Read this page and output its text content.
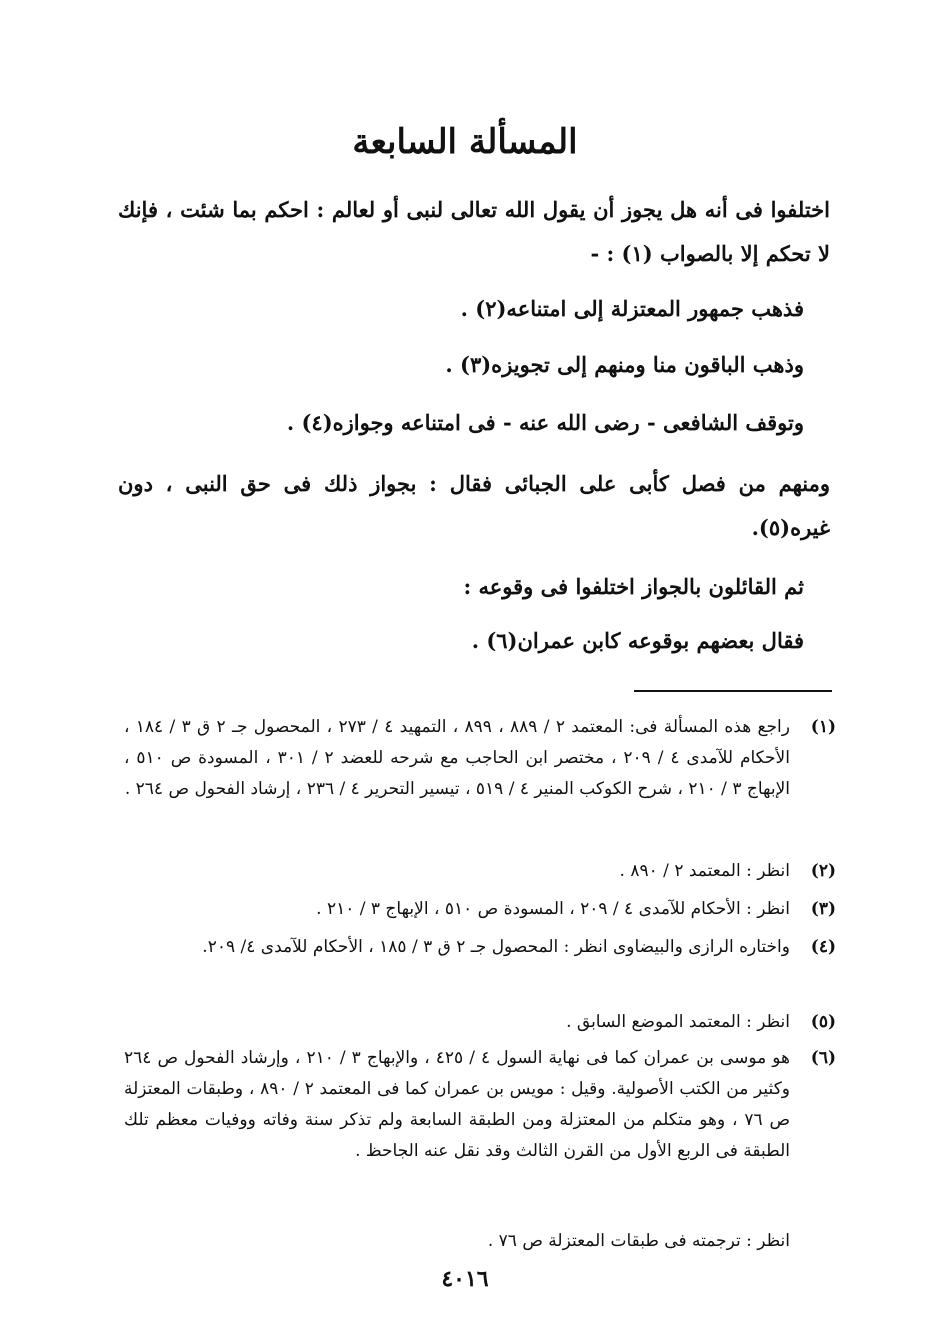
المسألة السابعة
اختلفوا فى أنه هل يجوز أن يقول الله تعالى لنبى أو لعالم : احكم بما شئت ، فإنك لا تحكم إلا بالصواب (١) : -
فذهب جمهور المعتزلة إلى امتناعه(٢) .
وذهب الباقون منا ومنهم إلى تجويزه(٣) .
وتوقف الشافعى - رضى الله عنه - فى امتناعه وجوازه(٤) .
ومنهم من فصل كأبى على الجبائى فقال : بجواز ذلك فى حق النبى ، دون غيره(٥).
ثم القائلون بالجواز اختلفوا فى وقوعه :
فقال بعضهم بوقوعه كابن عمران(٦) .
(١)
راجع هذه المسألة فى: المعتمد ٢ / ٨٨٩ ، ٨٩٩ ، التمهيد ٤ / ٢٧٣ ، المحصول جـ ٢ ق ٣ / ١٨٤ ، الأحكام للآمدى ٤ / ٢٠٩ ، مختصر ابن الحاجب مع شرحه للعضد ٢ / ٣٠١ ، المسودة ص ٥١٠ ، الإبهاج ٣ / ٢١٠ ، شرح الكوكب المنير ٤ / ٥١٩ ، تيسير التحرير ٤ / ٢٣٦ ، إرشاد الفحول ص ٢٦٤ .
(٢)
انظر : المعتمد ٢ / ٨٩٠ .
(٣)
انظر : الأحكام للآمدى ٤ / ٢٠٩ ، المسودة ص ٥١٠ ، الإبهاج ٣ / ٢١٠ .
(٤)
واختاره الرازى والبيضاوى انظر : المحصول جـ ٢ ق ٣ / ١٨٥ ، الأحكام للآمدى ٤/ ٢٠٩.
(٥)
انظر : المعتمد الموضع السابق .
(٦)
هو موسى بن عمران كما فى نهاية السول ٤ / ٤٢٥ ، والإبهاج ٣ / ٢١٠ ، وإرشاد الفحول ص ٢٦٤ وكثير من الكتب الأصولية. وقيل : مويس بن عمران كما فى المعتمد ٢ / ٨٩٠ ، وطبقات المعتزلة ص ٧٦ ، وهو متكلم من المعتزلة ومن الطبقة السابعة ولم تذكر سنة وفاته ووفيات معظم تلك الطبقة فى الربع الأول من القرن الثالث وقد نقل عنه الجاحظ .
انظر : ترجمته فى طبقات المعتزلة ص ٧٦ .
٤٠١٦
